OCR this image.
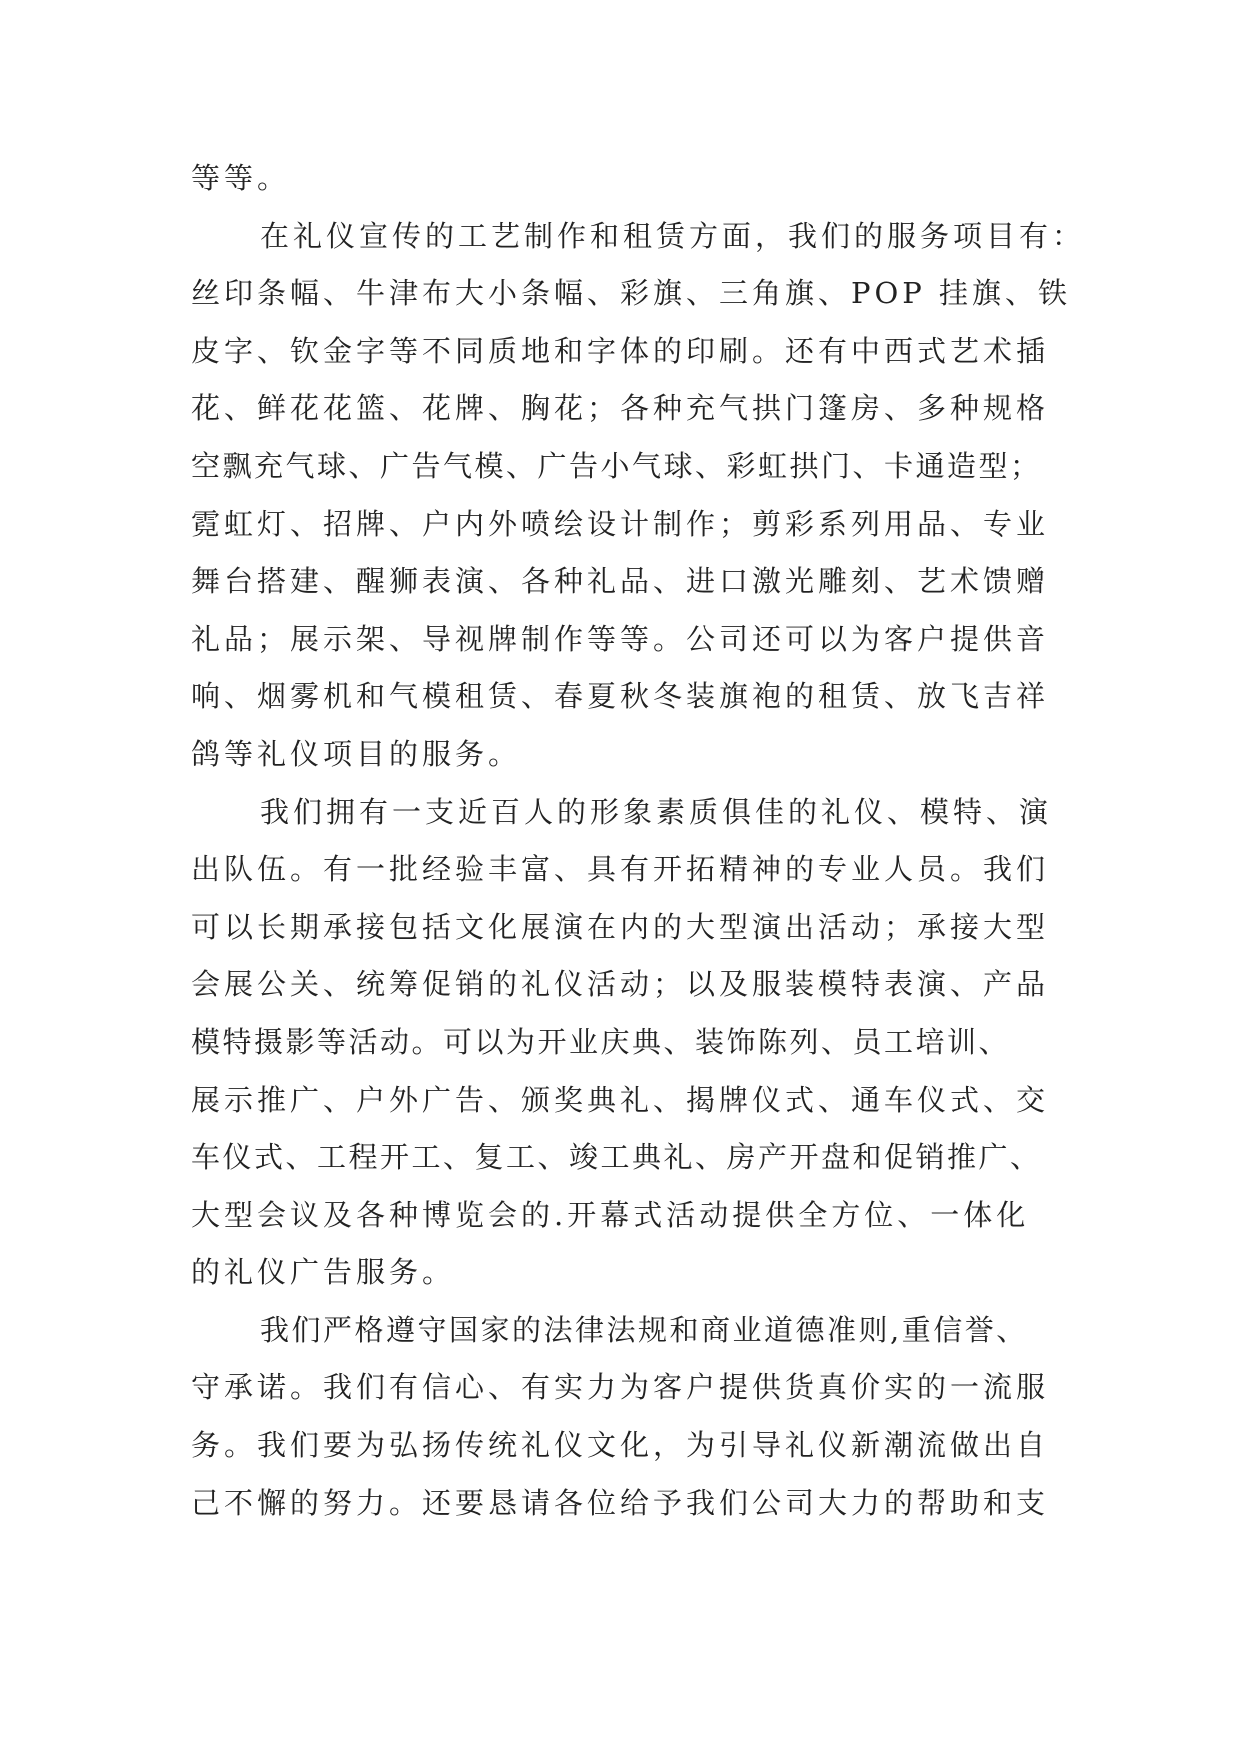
等等。
在礼仪宣传的工艺制作和租赁方面，我们的服务项目有：
丝印条幅、牛津布大小条幅、彩旗、三角旗、POP 挂旗、铁
皮字、钦金字等不同质地和字体的印刷。还有中西式艺术插
花、鲜花花篮、花牌、胸花；各种充气拱门篷房、多种规格
空飘充气球、广告气模、广告小气球、彩虹拱门、卡通造型；
霓虹灯、招牌、户内外喷绘设计制作；剪彩系列用品、专业
舞台搭建、醒狮表演、各种礼品、进口激光雕刻、艺术馈赠
礼品；展示架、导视牌制作等等。公司还可以为客户提供音
响、烟雾机和气模租赁、春夏秋冬装旗袍的租赁、放飞吉祥
鸽等礼仪项目的服务。
我们拥有一支近百人的形象素质俱佳的礼仪、模特、演
出队伍。有一批经验丰富、具有开拓精神的专业人员。我们
可以长期承接包括文化展演在内的大型演出活动；承接大型
会展公关、统筹促销的礼仪活动；以及服装模特表演、产品
模特摄影等活动。可以为开业庆典、装饰陈列、员工培训、
展示推广、户外广告、颁奖典礼、揭牌仪式、通车仪式、交
车仪式、工程开工、复工、竣工典礼、房产开盘和促销推广、
大型会议及各种博览会的.开幕式活动提供全方位、一体化
的礼仪广告服务。
我们严格遵守国家的法律法规和商业道德准则,重信誉、
守承诺。我们有信心、有实力为客户提供货真价实的一流服
务。我们要为弘扬传统礼仪文化，为引导礼仪新潮流做出自
己不懈的努力。还要恳请各位给予我们公司大力的帮助和支
